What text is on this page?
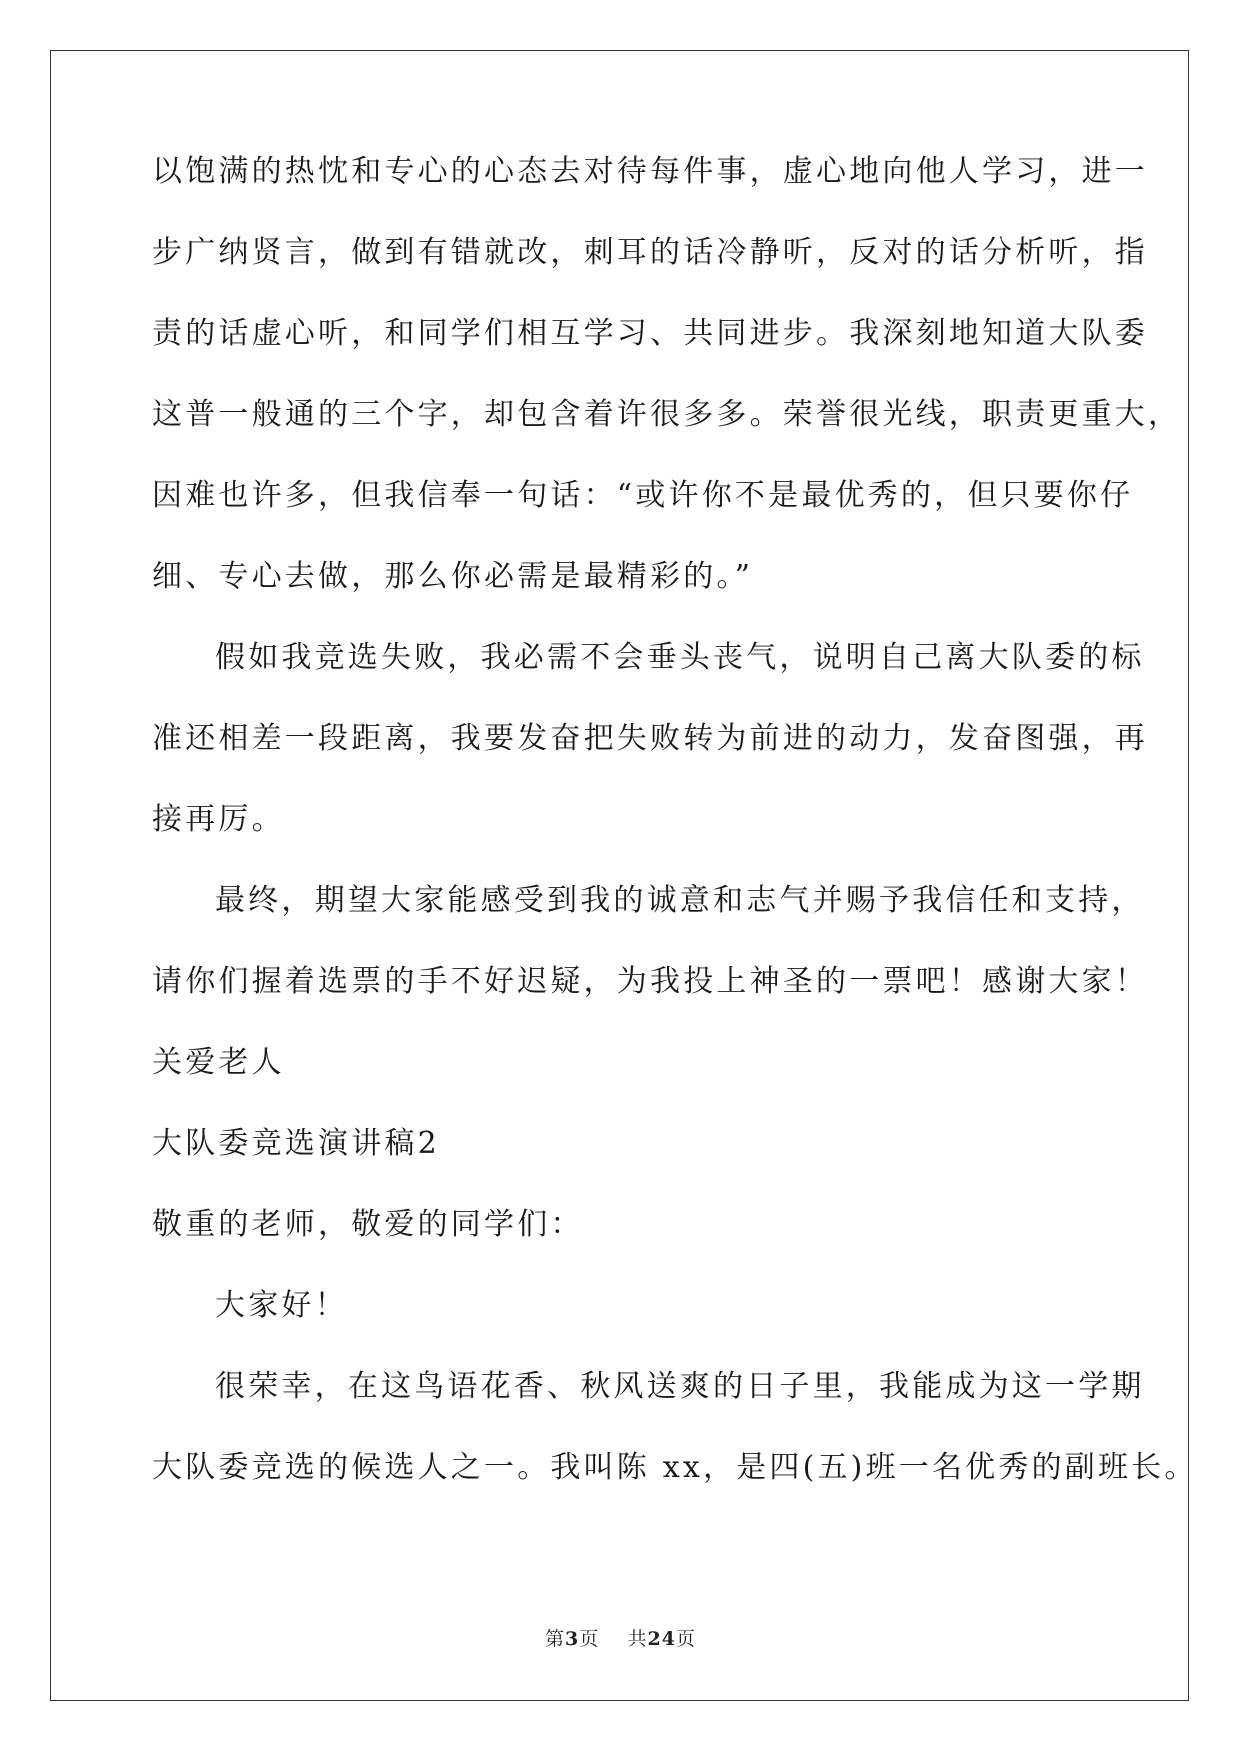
以饱满的热忱和专心的心态去对待每件事，虚心地向他人学习，进一
步广纳贤言，做到有错就改，刺耳的话冷静听，反对的话分析听，指
责的话虚心听，和同学们相互学习、共同进步。我深刻地知道大队委
这普一般通的三个字，却包含着许很多多。荣誉很光线，职责更重大，
因难也许多，但我信奉一句话：“或许你不是最优秀的，但只要你仔
细、专心去做，那么你必需是最精彩的。”
假如我竞选失败，我必需不会垂头丧气，说明自己离大队委的标
准还相差一段距离，我要发奋把失败转为前进的动力，发奋图强，再
接再厉。
最终，期望大家能感受到我的诚意和志气并赐予我信任和支持，
请你们握着选票的手不好迟疑，为我投上神圣的一票吧！感谢大家！
关爱老人
大队委竞选演讲稿2
敬重的老师，敬爱的同学们：
大家好！
很荣幸，在这鸟语花香、秋风送爽的日子里，我能成为这一学期
大队委竞选的候选人之一。我叫陈 xx，是四(五)班一名优秀的副班长。
第3页 共24页
